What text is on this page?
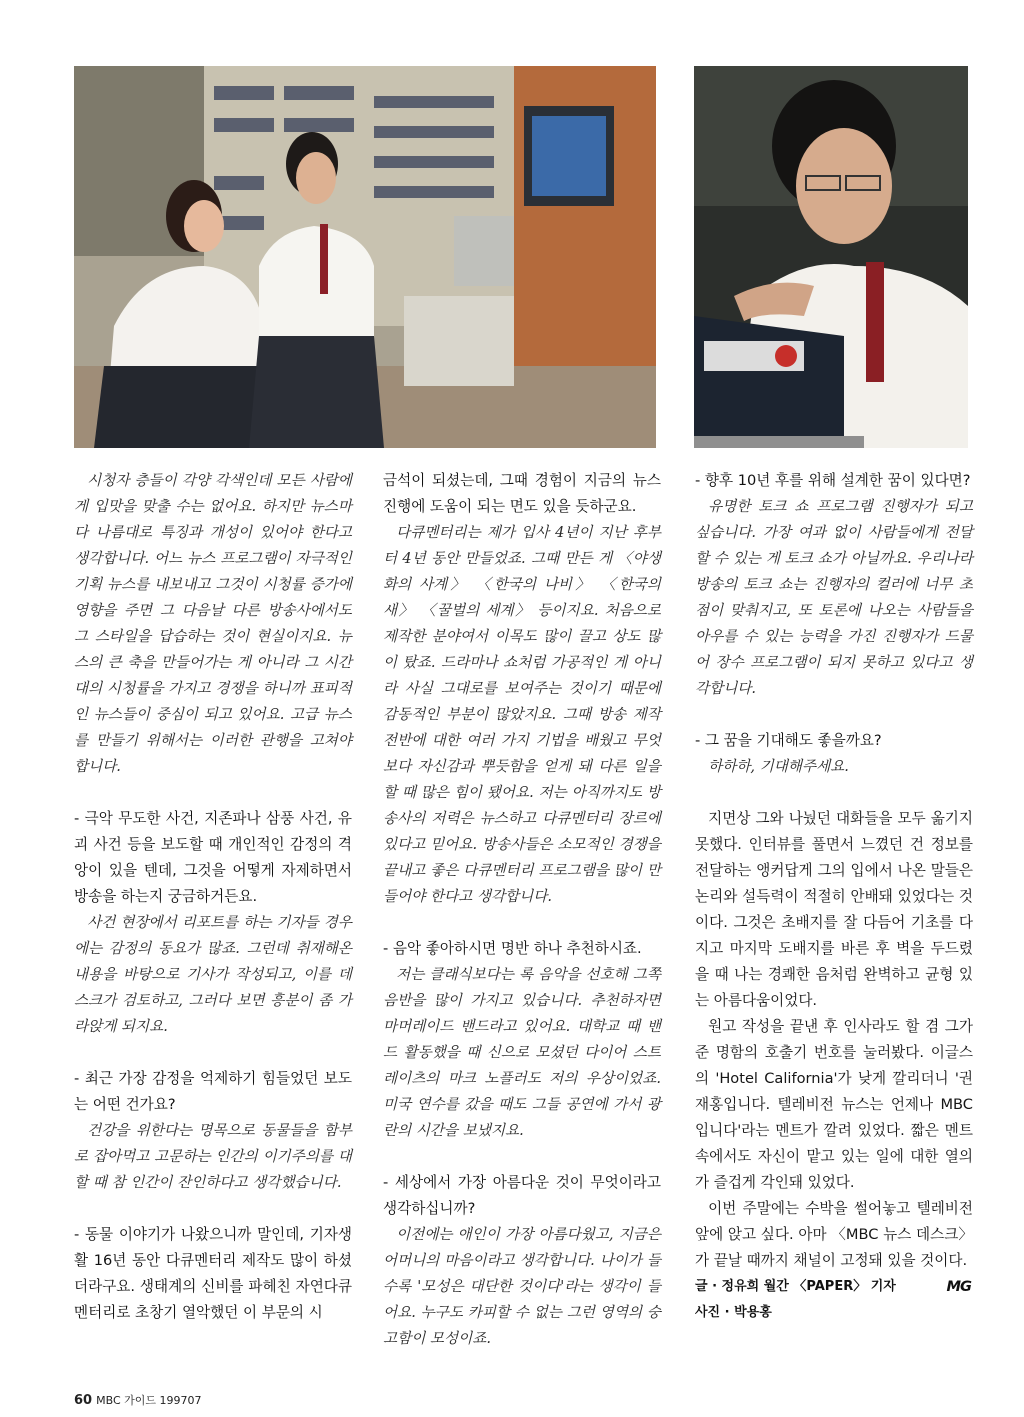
시청자 층들이 각양 각색인데 모든 사람에게 입맛을 맞출 수는 없어요. 하지만 뉴스마다 나름대로 특징과 개성이 있어야 한다고 생각합니다. 어느 뉴스 프로그램이 자극적인 기획 뉴스를 내보내고 그것이 시청률 증가에 영향을 주면 그 다음날 다른 방송사에서도 그 스타일을 답습하는 것이 현실이지요. 뉴스의 큰 축을 만들어가는 게 아니라 그 시간대의 시청률을 가지고 경쟁을 하니까 표피적인 뉴스들이 중심이 되고 있어요. 고급 뉴스를 만들기 위해서는 이러한 관행을 고쳐야 합니다.

- 극악 무도한 사건, 지존파나 삼풍 사건, 유괴 사건 등을 보도할 때 개인적인 감정의 격앙이 있을 텐데, 그것을 어떻게 자제하면서 방송을 하는지 궁금하거든요.

사건 현장에서 리포트를 하는 기자들 경우에는 감정의 동요가 많죠. 그런데 취재해온 내용을 바탕으로 기사가 작성되고, 이를 데스크가 검토하고, 그러다 보면 흥분이 좀 가라앉게 되지요.

- 최근 가장 감정을 억제하기 힘들었던 보도는 어떤 건가요?

건강을 위한다는 명목으로 동물들을 함부로 잡아먹고 고문하는 인간의 이기주의를 대할 때 참 인간이 잔인하다고 생각했습니다.

- 동물 이야기가 나왔으니까 말인데, 기자생활 16년 동안 다큐멘터리 제작도 많이 하셨더라구요. 생태계의 신비를 파헤친 자연다큐멘터리로 초창기 열악했던 이 부문의 시

금석이 되셨는데, 그때 경험이 지금의 뉴스 진행에 도움이 되는 면도 있을 듯하군요.

다큐멘터리는 제가 입사 4년이 지난 후부터 4년 동안 만들었죠. 그때 만든 게 〈야생화의 사계〉 〈한국의 나비〉 〈한국의 새〉 〈꿀벌의 세계〉 등이지요. 처음으로 제작한 분야여서 이목도 많이 끌고 상도 많이 탔죠. 드라마나 쇼처럼 가공적인 게 아니라 사실 그대로를 보여주는 것이기 때문에 감동적인 부분이 많았지요. 그때 방송 제작 전반에 대한 여러 가지 기법을 배웠고 무엇보다 자신감과 뿌듯함을 얻게 돼 다른 일을 할 때 많은 힘이 됐어요. 저는 아직까지도 방송사의 저력은 뉴스하고 다큐멘터리 장르에 있다고 믿어요. 방송사들은 소모적인 경쟁을 끝내고 좋은 다큐멘터리 프로그램을 많이 만들어야 한다고 생각합니다.

- 음악 좋아하시면 명반 하나 추천하시죠.

저는 클래식보다는 록 음악을 선호해 그쪽 음반을 많이 가지고 있습니다. 추천하자면 마머레이드 밴드라고 있어요. 대학교 때 밴드 활동했을 때 신으로 모셨던 다이어 스트레이츠의 마크 노플러도 저의 우상이었죠. 미국 연수를 갔을 때도 그들 공연에 가서 광란의 시간을 보냈지요.

- 세상에서 가장 아름다운 것이 무엇이라고 생각하십니까?

이전에는 애인이 가장 아름다웠고, 지금은 어머니의 마음이라고 생각합니다. 나이가 들수록 '모성은 대단한 것이다'라는 생각이 들어요. 누구도 카피할 수 없는 그런 영역의 숭고함이 모성이죠.

- 향후 10년 후를 위해 설계한 꿈이 있다면?

유명한 토크 쇼 프로그램 진행자가 되고 싶습니다. 가장 여과 없이 사람들에게 전달할 수 있는 게 토크 쇼가 아닐까요. 우리나라 방송의 토크 쇼는 진행자의 컬러에 너무 초점이 맞춰지고, 또 토론에 나오는 사람들을 아우를 수 있는 능력을 가진 진행자가 드물어 장수 프로그램이 되지 못하고 있다고 생각합니다.

- 그 꿈을 기대해도 좋을까요?

하하하, 기대해주세요.

지면상 그와 나눴던 대화들을 모두 옮기지 못했다. 인터뷰를 풀면서 느꼈던 건 정보를 전달하는 앵커답게 그의 입에서 나온 말들은 논리와 설득력이 적절히 안배돼 있었다는 것이다. 그것은 초배지를 잘 다듬어 기초를 다지고 마지막 도배지를 바른 후 벽을 두드렸을 때 나는 경쾌한 음처럼 완벽하고 균형 있는 아름다움이었다.

원고 작성을 끝낸 후 인사라도 할 겸 그가 준 명함의 호출기 번호를 눌러봤다. 이글스의 'Hotel California'가 낮게 깔리더니 '권재홍입니다. 텔레비전 뉴스는 언제나 MBC입니다'라는 멘트가 깔려 있었다. 짧은 멘트 속에서도 자신이 맡고 있는 일에 대한 열의가 즐겁게 각인돼 있었다.

이번 주말에는 수박을 썰어놓고 텔레비전 앞에 앉고 싶다. 아마 〈MBC 뉴스 데스크〉가 끝날 때까지 채널이 고정돼 있을 것이다.
MG

글 · 정유희 월간 〈PAPER〉 기자
사진 · 박용홍
60 MBC 가이드 199707
